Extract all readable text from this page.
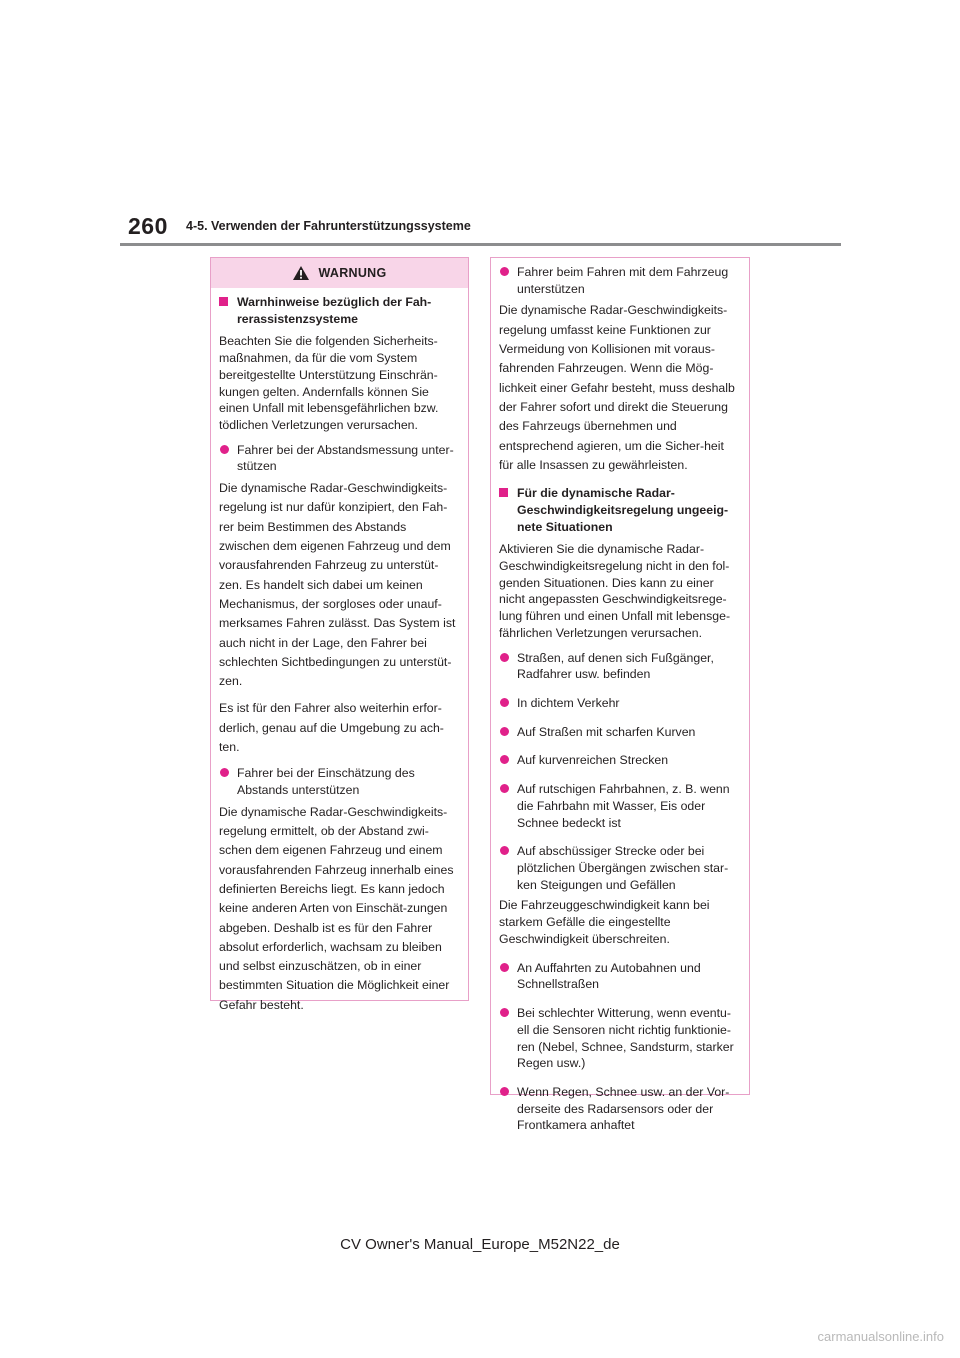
260 4-5. Verwenden der Fahrunterstützungssysteme
WARNUNG
Warnhinweise bezüglich der Fah-rerassistenzsysteme
Beachten Sie die folgenden Sicherheits-maßnahmen, da für die vom System bereitgestellte Unterstützung Einschrän-kungen gelten. Andernfalls können Sie einen Unfall mit lebensgefährlichen bzw. tödlichen Verletzungen verursachen.
Fahrer bei der Abstandsmessung unter-stützen
Die dynamische Radar-Geschwindigkeits-regelung ist nur dafür konzipiert, den Fah-rer beim Bestimmen des Abstands zwischen dem eigenen Fahrzeug und dem vorausfahrenden Fahrzeug zu unterstüt-zen. Es handelt sich dabei um keinen Mechanismus, der sorgloses oder unauf-merksames Fahren zulässt. Das System ist auch nicht in der Lage, den Fahrer bei schlechten Sichtbedingungen zu unterstüt-zen.
Es ist für den Fahrer also weiterhin erfor-derlich, genau auf die Umgebung zu ach-ten.
Fahrer bei der Einschätzung des Abstands unterstützen
Die dynamische Radar-Geschwindigkeits-regelung ermittelt, ob der Abstand zwi-schen dem eigenen Fahrzeug und einem vorausfahrenden Fahrzeug innerhalb eines definierten Bereichs liegt. Es kann jedoch keine anderen Arten von Einschät-zungen abgeben. Deshalb ist es für den Fahrer absolut erforderlich, wachsam zu bleiben und selbst einzuschätzen, ob in einer bestimmten Situation die Möglichkeit einer Gefahr besteht.
Fahrer beim Fahren mit dem Fahrzeug unterstützen
Die dynamische Radar-Geschwindigkeits-regelung umfasst keine Funktionen zur Vermeidung von Kollisionen mit voraus-fahrenden Fahrzeugen. Wenn die Mög-lichkeit einer Gefahr besteht, muss deshalb der Fahrer sofort und direkt die Steuerung des Fahrzeugs übernehmen und entsprechend agieren, um die Sicher-heit für alle Insassen zu gewährleisten.
Für die dynamische Radar-Geschwindigkeitsregelung ungeeig-nete Situationen
Aktivieren Sie die dynamische Radar-Geschwindigkeitsregelung nicht in den fol-genden Situationen. Dies kann zu einer nicht angepassten Geschwindigkeitsrege-lung führen und einen Unfall mit lebensge-fährlichen Verletzungen verursachen.
Straßen, auf denen sich Fußgänger, Radfahrer usw. befinden
In dichtem Verkehr
Auf Straßen mit scharfen Kurven
Auf kurvenreichen Strecken
Auf rutschigen Fahrbahnen, z. B. wenn die Fahrbahn mit Wasser, Eis oder Schnee bedeckt ist
Auf abschüssiger Strecke oder bei plötzlichen Übergängen zwischen star-ken Steigungen und Gefällen
Die Fahrzeuggeschwindigkeit kann bei starkem Gefälle die eingestellte Geschwindigkeit überschreiten.
An Auffahrten zu Autobahnen und Schnellstraßen
Bei schlechter Witterung, wenn eventu-ell die Sensoren nicht richtig funktionie-ren (Nebel, Schnee, Sandsturm, starker Regen usw.)
Wenn Regen, Schnee usw. an der Vor-derseite des Radarsensors oder der Frontkamera anhaftet
CV Owner's Manual_Europe_M52N22_de
carmanualsonline.info
